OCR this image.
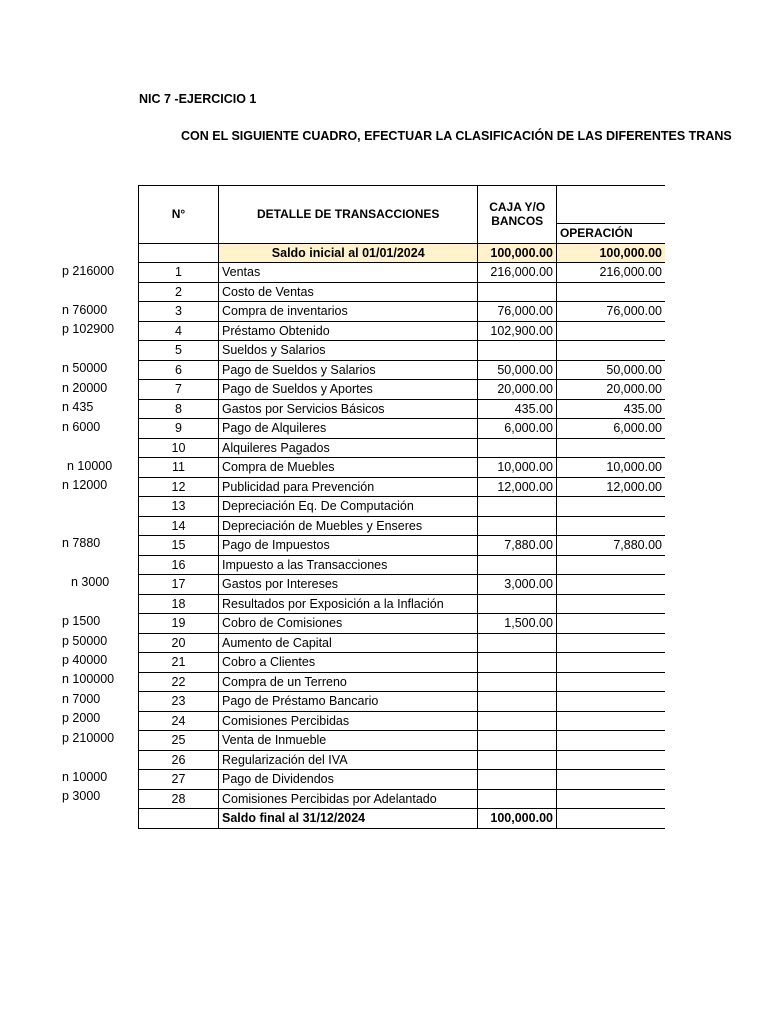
NIC 7 -EJERCICIO 1

CON EL SIGUIENTE CUADRO, EFECTUAR LA CLASIFICACIÓN DE LAS DIFERENTES TRANS

p 216000
n 76000
p 102900
n 50000
n 20000
n 435
n 6000
n 10000
n 12000
n 7880
n 3000
p 1500
p 50000
p 40000
n 100000
n 7000
p 2000
p 210000
n 10000
p 3000
N°	DETALLE DE TRANSACCIONES	CAJA Y/O BANCOS	
			OPERACIÓN
	Saldo inicial al 01/01/2024	100,000.00	100,000.00
1	Ventas	216,000.00	216,000.00
2	Costo de Ventas		
3	Compra de inventarios	76,000.00	76,000.00
4	Préstamo Obtenido	102,900.00	
5	Sueldos y Salarios		
6	Pago de Sueldos y Salarios	50,000.00	50,000.00
7	Pago de Sueldos y Aportes	20,000.00	20,000.00
8	Gastos por Servicios Básicos	435.00	435.00
9	Pago de Alquileres	6,000.00	6,000.00
10	Alquileres Pagados		
11	Compra de Muebles	10,000.00	10,000.00
12	Publicidad para Prevención	12,000.00	12,000.00
13	Depreciación Eq. De Computación		
14	Depreciación de Muebles y Enseres		
15	Pago de Impuestos	7,880.00	7,880.00
16	Impuesto a las Transacciones		
17	Gastos por Intereses	3,000.00	
18	Resultados por Exposición a la Inflación		
19	Cobro de Comisiones	1,500.00	
20	Aumento de Capital		
21	Cobro a Clientes		
22	Compra de un Terreno		
23	Pago de Préstamo Bancario		
24	Comisiones Percibidas		
25	Venta de Inmueble		
26	Regularización del IVA		
27	Pago de Dividendos		
28	Comisiones Percibidas por Adelantado		
	Saldo final al 31/12/2024	100,000.00	
